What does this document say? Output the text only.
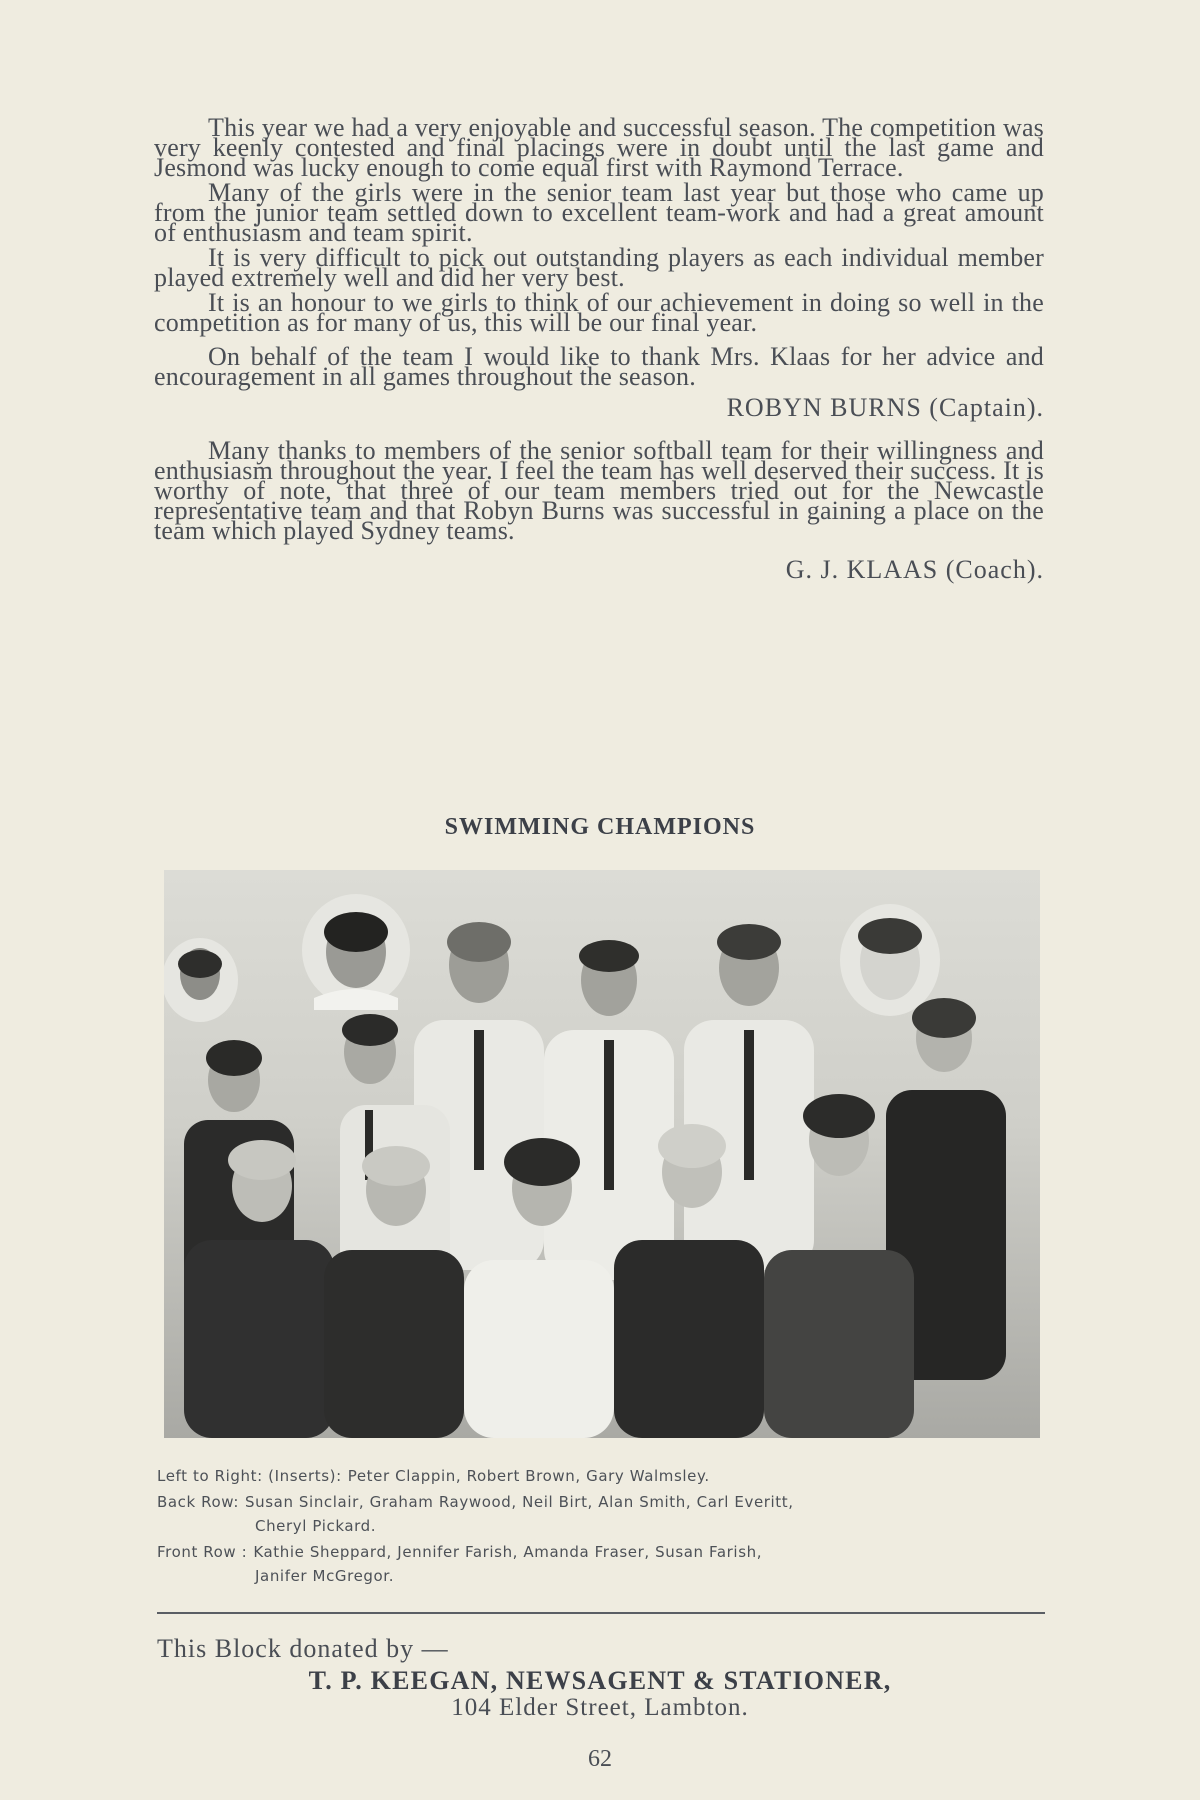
This year we had a very enjoyable and successful season. The competition was very keenly contested and final placings were in doubt until the last game and Jesmond was lucky enough to come equal first with Raymond Terrace.

Many of the girls were in the senior team last year but those who came up from the junior team settled down to excellent team-work and had a great amount of enthusiasm and team spirit.

It is very difficult to pick out outstanding players as each individual member played extremely well and did her very best.

It is an honour to we girls to think of our achievement in doing so well in the competition as for many of us, this will be our final year.

On behalf of the team I would like to thank Mrs. Klaas for her advice and encouragement in all games throughout the season.

ROBYN BURNS (Captain).

Many thanks to members of the senior softball team for their willingness and enthusiasm throughout the year. I feel the team has well deserved their success. It is worthy of note, that three of our team members tried out for the Newcastle representative team and that Robyn Burns was successful in gaining a place on the team which played Sydney teams.

G. J. KLAAS (Coach).
SWIMMING CHAMPIONS
Left to Right: (Inserts): Peter Clappin, Robert Brown, Gary Walmsley.
Back Row: Susan Sinclair, Graham Raywood, Neil Birt, Alan Smith, Carl Everitt,
Cheryl Pickard.
Front Row : Kathie Sheppard, Jennifer Farish, Amanda Fraser, Susan Farish,
Janifer McGregor.
This Block donated by —
T. P. KEEGAN, NEWSAGENT & STATIONER,
104 Elder Street, Lambton.
62
